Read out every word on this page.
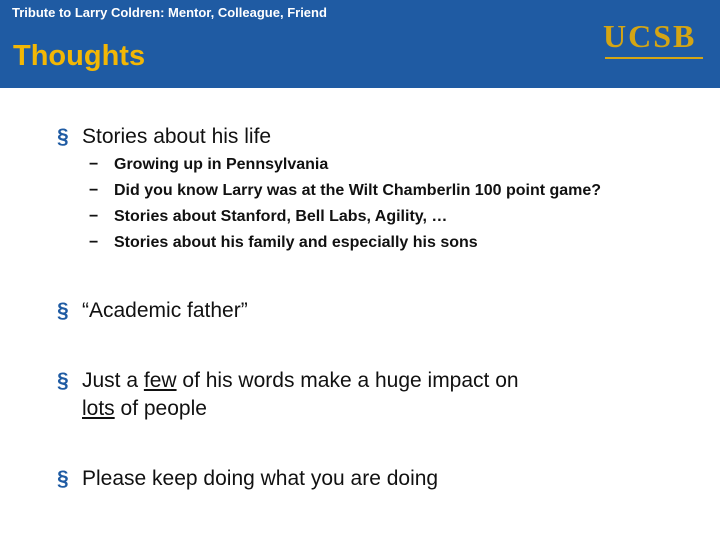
Tribute to Larry Coldren: Mentor, Colleague, Friend
Thoughts
UCSB
§ Stories about his life
− Growing up in Pennsylvania
− Did you know Larry was at the Wilt Chamberlin 100 point game?
− Stories about Stanford, Bell Labs, Agility, …
− Stories about his family and especially his sons
§ “Academic father”
§ Just a few of his words make a huge impact on
lots of people
§ Please keep doing what you are doing
